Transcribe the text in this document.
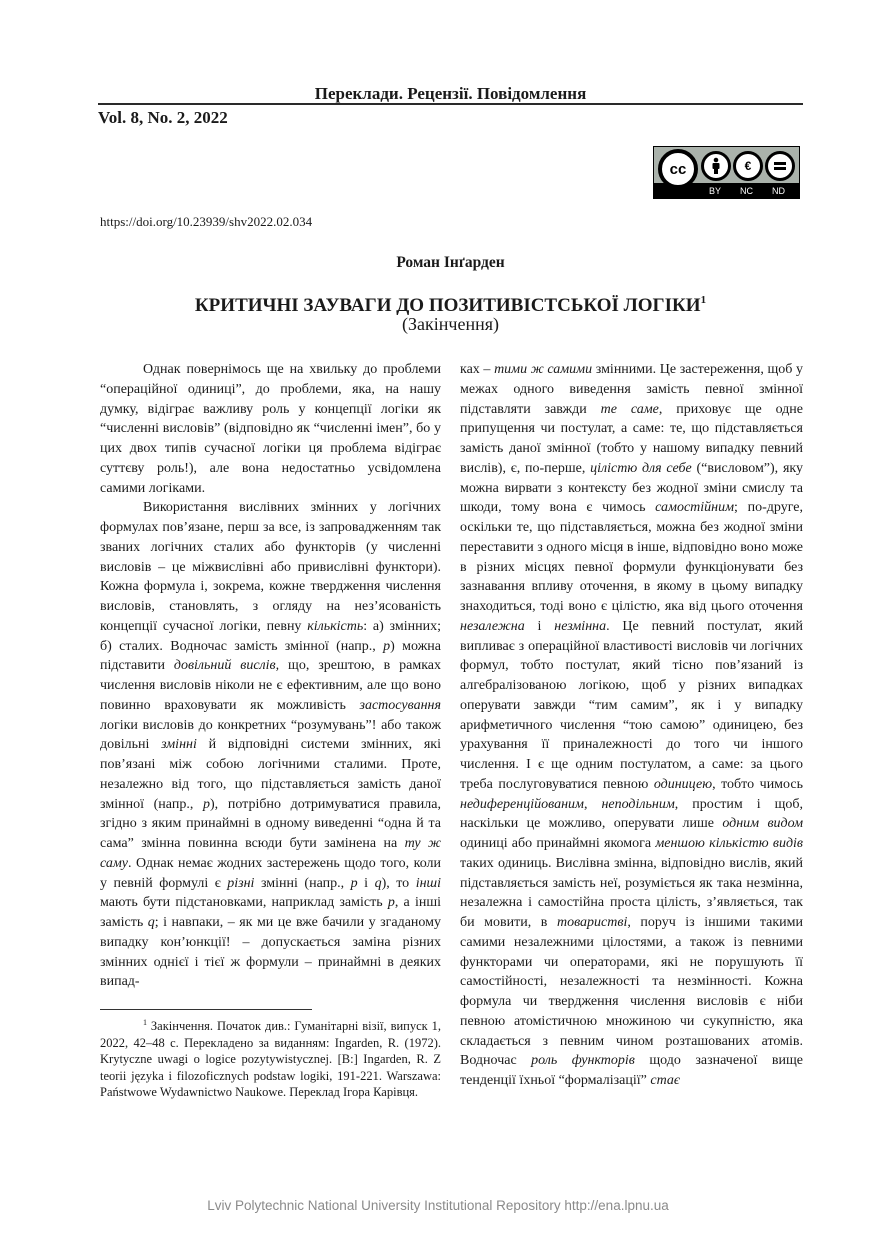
Переклади. Рецензії. Повідомлення
Vol. 8, No. 2, 2022
cc	€
BY NC ND
https://doi.org/10.23939/shv2022.02.034
Роман Інґарден
КРИТИЧНІ ЗАУВАГИ ДО ПОЗИТИВІСТСЬКОЇ ЛОГІКИ$^1$
(Закінчення)

Однак повернімось ще на хвильку до проблеми “операційної одиниці”, до проблеми, яка, на нашу думку, відіграє важливу роль у концепції логіки як “численні висловів” (відповідно як “численні імен”, бо у цих двох типів сучасної логіки ця проблема відіграє суттєву роль!), але вона недостатньо усвідомлена самими логіками.

Використання вислівних змінних у логічних формулах пов’язане, перш за все, із запровадженням так званих логічних сталих або функторів (у численні висловів – це міжвислівні або привислівні функтори). Кожна формула і, зокрема, кожне твердження числення висловів, становлять, з огляду на нез’ясованість концепції сучасної логіки, певну кількість: а) змінних; б) сталих. Водночас замість змінної (напр., p) можна підставити довільний вислів, що, зрештою, в рамках числення висловів ніколи не є ефективним, але що воно повинно враховувати як можливість застосування логіки висловів до конкретних “розумувань”! або також довільні змінні й відповідні системи змінних, які пов’язані між собою логічними сталими. Проте, незалежно від того, що підставляється замість даної змінної (напр., p), потрібно дотримуватися правила, згідно з яким принаймні в одному виведенні “одна й та сама” змінна повинна всюди бути замінена на ту ж саму. Однак немає жодних застережень щодо того, коли у певній формулі є різні змінні (напр., p і q), то інші мають бути підстановками, наприклад замість p, а інші замість q; і навпаки, – як ми це вже бачили у згаданому випадку кон’юнкції! – допускається заміна різних змінних однієї і тієї ж формули – принаймні в деяких випад-

ках – тими ж самими змінними. Це застереження, щоб у межах одного виведення замість певної змінної підставляти завжди те саме, приховує ще одне припущення чи постулат, а саме: те, що підставляється замість даної змінної (тобто у нашому випадку певний вислів), є, по-перше, цілістю для себе (“висловом”), яку можна вирвати з контексту без жодної зміни смислу та шкоди, тому вона є чимось самостійним; по-друге, оскільки те, що підставляється, можна без жодної зміни переставити з одного місця в інше, відповідно воно може в різних місцях певної формули функціонувати без зазнавання впливу оточення, в якому в цьому випадку знаходиться, тоді воно є цілістю, яка від цього оточення незалежна і незмінна. Це певний постулат, який випливає з операційної властивості висловів чи логічних формул, тобто постулат, який тісно пов’язаний із алгебралізованою логікою, щоб у різних випадках оперувати завжди “тим самим”, як і у випадку арифметичного числення “тою самою” одиницею, без урахування її приналежності до того чи іншого числення. І є ще одним постулатом, а саме: за цього треба послуговуватися певною одиницею, тобто чимось недиференційованим, неподільним, простим і щоб, наскільки це можливо, оперувати лише одним видом одиниці або принаймні якомога меншою кількістю видів таких одиниць. Вислівна змінна, відповідно вислів, який підставляється замість неї, розуміється як така незмінна, незалежна і самостійна проста цілість, з’являється, так би мовити, в товаристві, поруч із іншими такими самими незалежними цілостями, а також із певними функторами чи операторами, які не порушують її самостійності, незалежності та незмінності. Кожна формула чи твердження числення висловів є ніби певною атомістичною множиною чи сукупністю, яка складається з певним чином розташованих атомів. Водночас роль функторів щодо зазначеної вище тенденції їхньої “формалізації” стає

$^1$ Закінчення. Початок див.: Гуманітарні візії, випуск 1, 2022, 42–48 с. Перекладено за виданням: Ingarden, R. (1972). Krytyczne uwagi o logice pozytywistycznej. [B:] Ingarden, R. Z teorii języka i filozoficznych podstaw logiki, 191-221. Warszawa: Państwowe Wydawnictwo Naukowe. Переклад Ігора Карівця.

Lviv Polytechnic National University Institutional Repository http://ena.lpnu.ua
